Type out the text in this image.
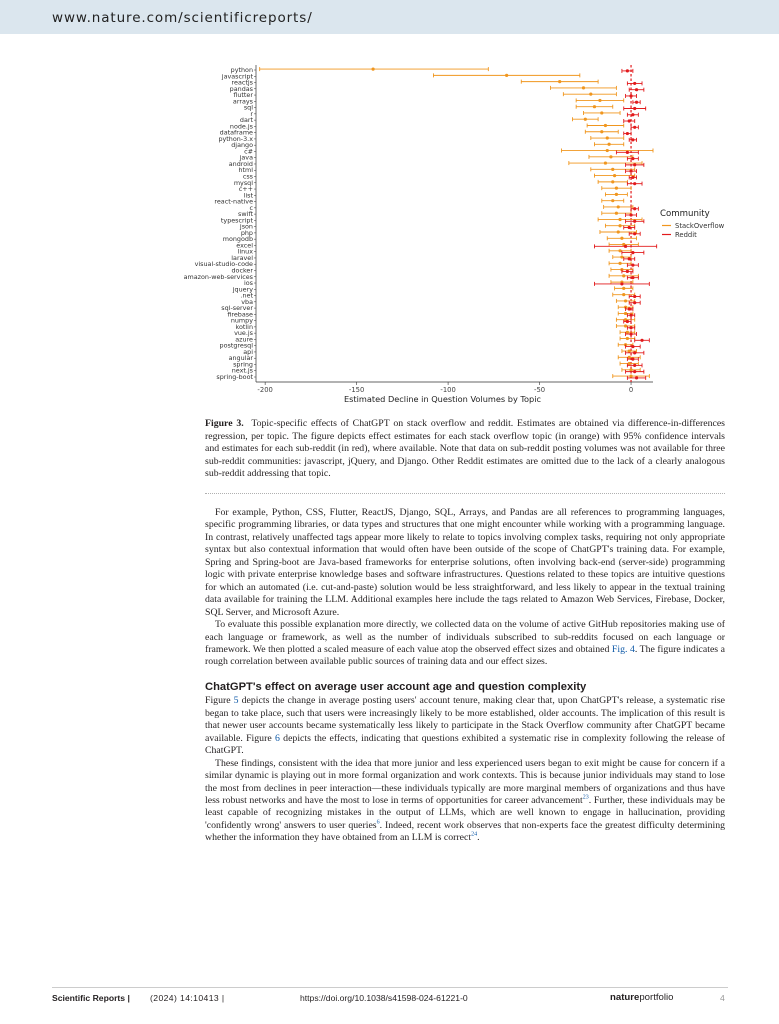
www.nature.com/scientificreports/
-200	-150	-100	-50	0
Estimated Decline in Question Volumes by Topic
python
javascript
reactjs
pandas
flutter
arrays
sql
r
dart
node.js
dataframe
python-3.x
django
c#
java
android
html
css
mysql
c++
list
react-native
c
swift
typescript
json
php
mongodb
excel
linux
laravel
visual-studio-code
docker
amazon-web-services
ios
jquery
.net
vba
sql-server
firebase
numpy
kotlin
vue.js
azure
postgresql
api
angular
spring
next.js
spring-boot
Community
StackOverflow
Reddit
Figure 3. Topic-specific effects of ChatGPT on stack overflow and reddit. Estimates are obtained via difference-in-differences regression, per topic. The figure depicts effect estimates for each stack overflow topic (in orange) with 95% confidence intervals and estimates for each sub-reddit (in red), where available. Note that data on sub-reddit posting volumes was not available for three sub-reddit communities: javascript, jQuery, and Django. Other Reddit estimates are omitted due to the lack of a clearly analogous sub-reddit addressing that topic.

For example, Python, CSS, Flutter, ReactJS, Django, SQL, Arrays, and Pandas are all references to programming languages, specific programming libraries, or data types and structures that one might encounter while working with a programming language. In contrast, relatively unaffected tags appear more likely to relate to topics involving complex tasks, requiring not only appropriate syntax but also contextual information that would often have been outside of the scope of ChatGPT's training data. For example, Spring and Spring-boot are Java-based frameworks for enterprise solutions, often involving back-end (server-side) programming logic with private enterprise knowledge bases and software infrastructures. Questions related to these topics are intuitive questions for which an automated (i.e. cut-and-paste) solution would be less straightforward, and less likely to appear in the textual training data available for training the LLM. Additional examples here include the tags related to Amazon Web Services, Firebase, Docker, SQL Server, and Microsoft Azure.

To evaluate this possible explanation more directly, we collected data on the volume of active GitHub repositories making use of each language or framework, as well as the number of individuals subscribed to sub-reddits focused on each language or framework. We then plotted a scaled measure of each value atop the observed effect sizes and obtained Fig. 4. The figure indicates a rough correlation between available public sources of training data and our effect sizes.

ChatGPT's effect on average user account age and question complexity

Figure 5 depicts the change in average posting users' account tenure, making clear that, upon ChatGPT's release, a systematic rise began to take place, such that users were increasingly likely to be more established, older accounts. The implication of this result is that newer user accounts became systematically less likely to participate in the Stack Overflow community after ChatGPT became available. Figure 6 depicts the effects, indicating that questions exhibited a systematic rise in complexity following the release of ChatGPT.

These findings, consistent with the idea that more junior and less experienced users began to exit might be cause for concern if a similar dynamic is playing out in more formal organization and work contexts. This is because junior individuals may stand to lose the most from declines in peer interaction—these individuals typically are more marginal members of organizations and thus have less robust networks and have the most to lose in terms of opportunities for career advancement$^{23}$. Further, these individuals may be least capable of recognizing mistakes in the output of LLMs, which are well known to engage in hallucination, providing 'confidently wrong' answers to user queries$^6$. Indeed, recent work observes that non-experts face the greatest difficulty determining whether the information they have obtained from an LLM is correct$^{24}$.

Scientific Reports | (2024) 14:10413 |	https://doi.org/10.1038/s41598-024-61221-0	natureportfolio	4
